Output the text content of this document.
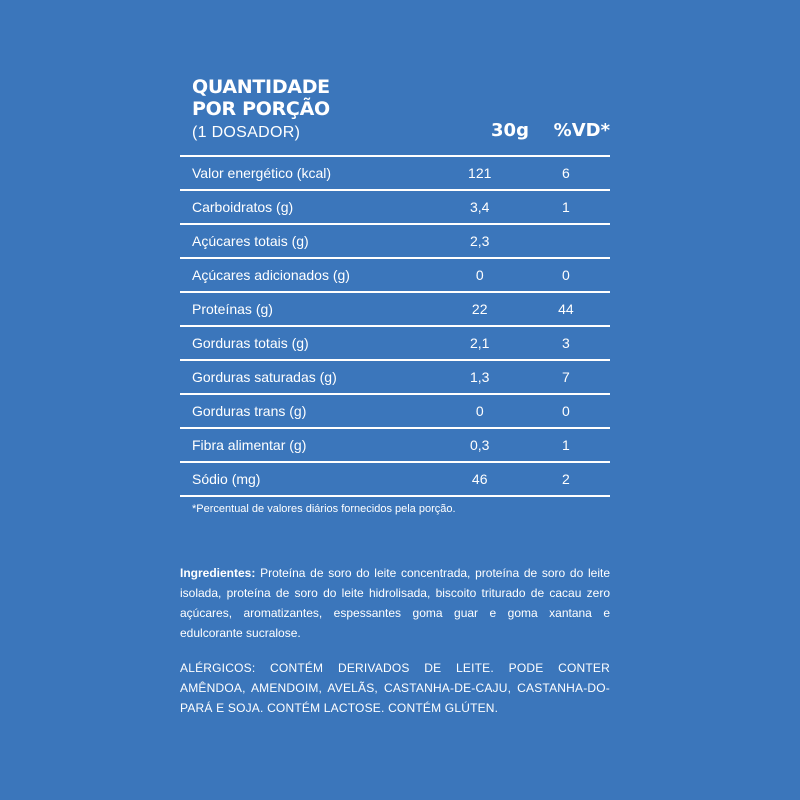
QUANTIDADE
POR PORÇÃO
(1 DOSADOR)	30g	%VD*
Valor energético (kcal)	121	6
Carboidratos (g)	3,4	1
Açúcares totais (g)	2,3
Açúcares adicionados (g)	0	0
Proteínas (g)	22	44
Gorduras totais (g)	2,1	3
Gorduras saturadas (g)	1,3	7
Gorduras trans (g)	0	0
Fibra alimentar (g)	0,3	1
Sódio (mg)	46	2
*Percentual de valores diários fornecidos pela porção.
Ingredientes: Proteína de soro do leite concentrada, proteína de soro do leite isolada, proteína de soro do leite hidrolisada, biscoito triturado de cacau zero açúcares, aromatizantes, espessantes goma guar e goma xantana e edulcorante sucralose.
ALÉRGICOS: CONTÉM DERIVADOS DE LEITE. PODE CONTER AMÊNDOA, AMENDOIM, AVELÃS, CASTANHA-DE-CAJU, CASTANHA-DO-PARÁ E SOJA. CONTÉM LACTOSE. CONTÉM GLÚTEN.
